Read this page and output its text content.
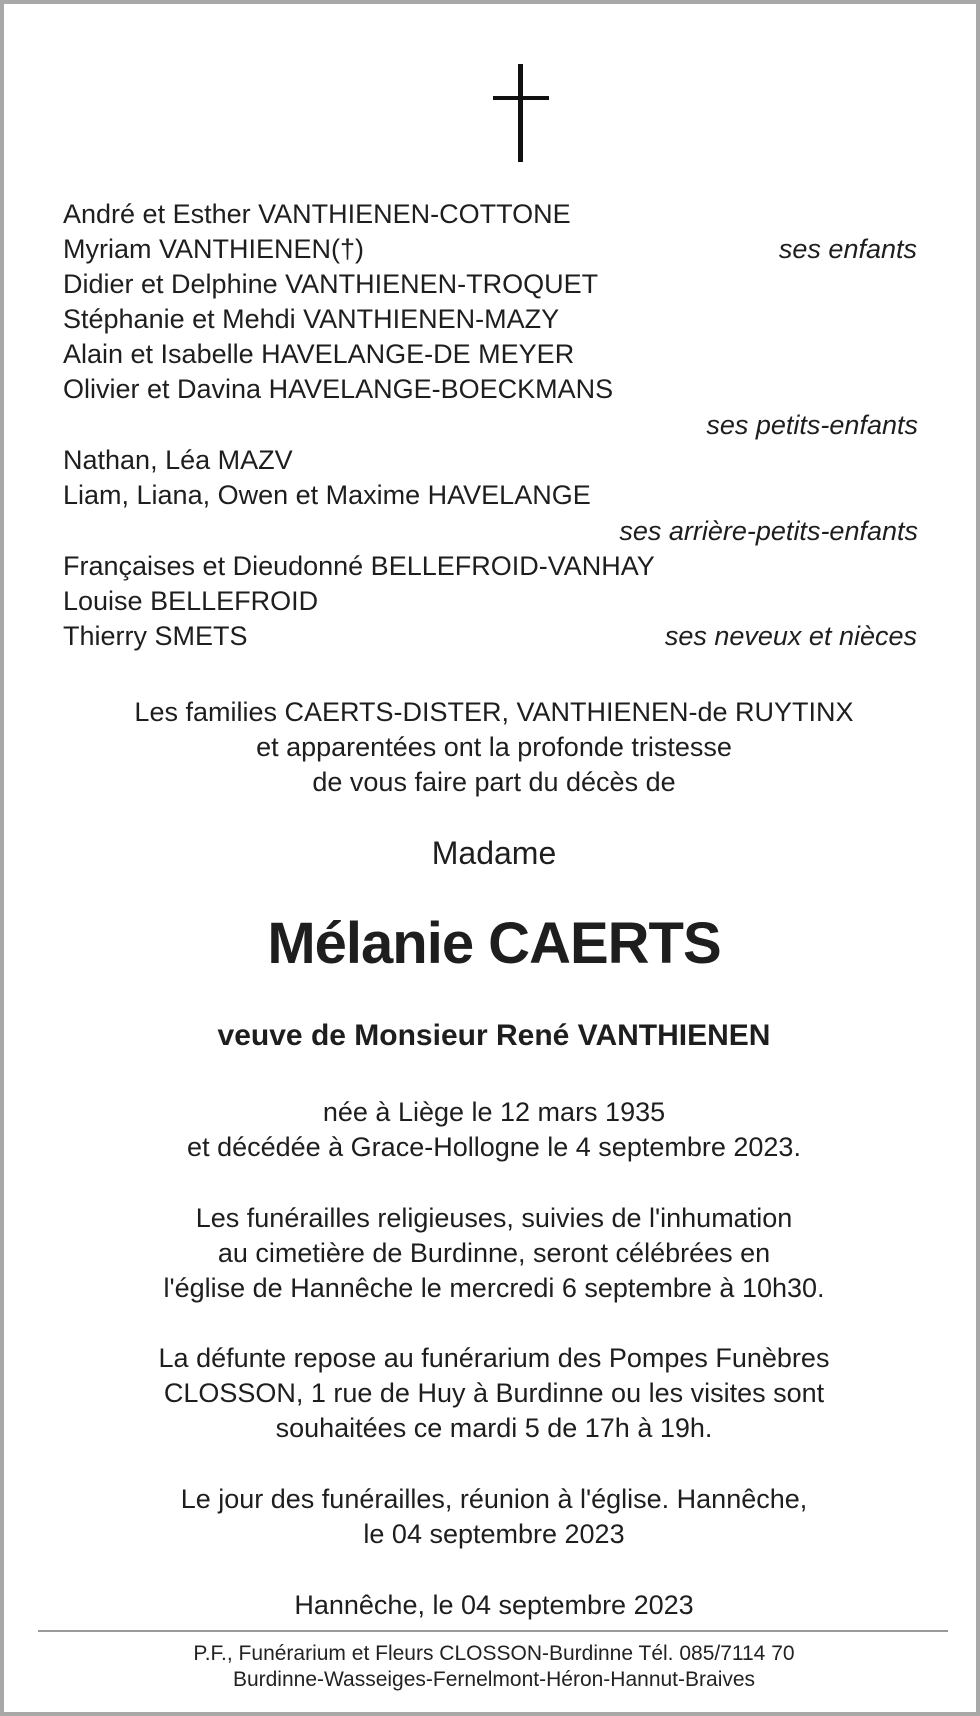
André et Esther VANTHIENEN-COTTONE
Myriam VANTHIENEN(†)	ses enfants
Didier et Delphine VANTHIENEN-TROQUET
Stéphanie et Mehdi VANTHIENEN-MAZY
Alain et Isabelle HAVELANGE-DE MEYER
Olivier et Davina HAVELANGE-BOECKMANS
ses petits-enfants
Nathan, Léa MAZV
Liam, Liana, Owen et Maxime HAVELANGE
ses arrière-petits-enfants
Françaises et Dieudonné BELLEFROID-VANHAY
Louise BELLEFROID
Thierry SMETS	ses neveux et nièces
Les families CAERTS-DISTER, VANTHIENEN-de RUYTINX
et apparentées ont la profonde tristesse
de vous faire part du décès de
Madame
Mélanie CAERTS
veuve de Monsieur René VANTHIENEN
née à Liège le 12 mars 1935
et décédée à Grace-Hollogne le 4 septembre 2023.
Les funérailles religieuses, suivies de l'inhumation
au cimetière de Burdinne, seront célébrées en
l'église de Hannêche le mercredi 6 septembre à 10h30.
La défunte repose au funérarium des Pompes Funèbres
CLOSSON, 1 rue de Huy à Burdinne ou les visites sont
souhaitées ce mardi 5 de 17h à 19h.
Le jour des funérailles, réunion à l'église. Hannêche,
le 04 septembre 2023
Hannêche, le 04 septembre 2023
P.F., Funérarium et Fleurs CLOSSON-Burdinne Tél. 085/7114 70
Burdinne-Wasseiges-Fernelmont-Héron-Hannut-Braives
